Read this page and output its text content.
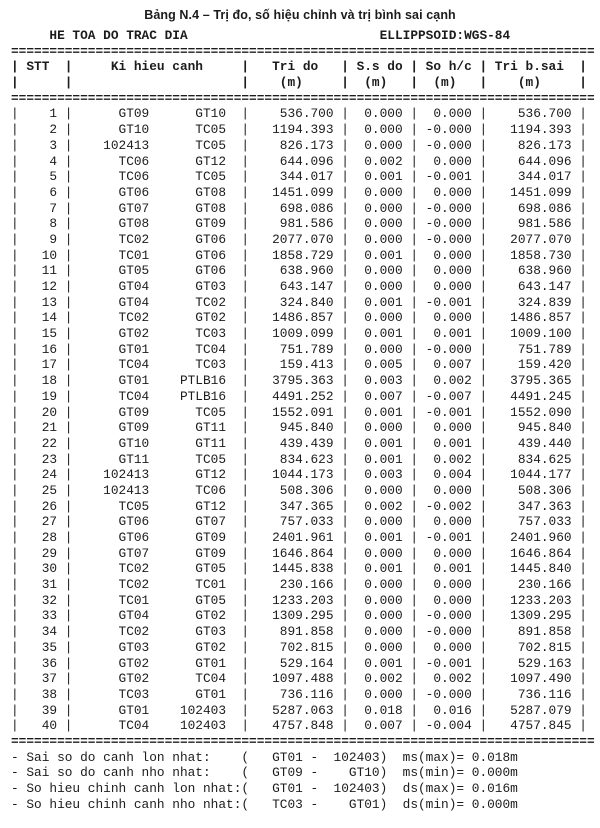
Bảng N.4 – Trị đo, số hiệu chỉnh và trị bình sai cạnh
HE TOA DO TRAC DIA                         ELLIPPSOID:WGS-84
============================================================================
| STT  |     Ki hieu canh     |   Tri do   | S.s do | So h/c | Tri b.sai  |
|      |                      |    (m)     |  (m)   |  (m)   |    (m)     |
============================================================================
|    1 |      GT09      GT10  |    536.700 |  0.000 |  0.000 |    536.700 |
|    2 |      GT10      TC05  |   1194.393 |  0.000 | -0.000 |   1194.393 |
|    3 |    102413      TC05  |    826.173 |  0.000 | -0.000 |    826.173 |
|    4 |      TC06      GT12  |    644.096 |  0.002 |  0.000 |    644.096 |
|    5 |      TC06      TC05  |    344.017 |  0.001 | -0.001 |    344.017 |
|    6 |      GT06      GT08  |   1451.099 |  0.000 |  0.000 |   1451.099 |
|    7 |      GT07      GT08  |    698.086 |  0.000 | -0.000 |    698.086 |
|    8 |      GT08      GT09  |    981.586 |  0.000 | -0.000 |    981.586 |
|    9 |      TC02      GT06  |   2077.070 |  0.000 | -0.000 |   2077.070 |
|   10 |      TC01      GT06  |   1858.729 |  0.001 |  0.000 |   1858.730 |
|   11 |      GT05      GT06  |    638.960 |  0.000 |  0.000 |    638.960 |
|   12 |      GT04      GT03  |    643.147 |  0.000 |  0.000 |    643.147 |
|   13 |      GT04      TC02  |    324.840 |  0.001 | -0.001 |    324.839 |
|   14 |      TC02      GT02  |   1486.857 |  0.000 |  0.000 |   1486.857 |
|   15 |      GT02      TC03  |   1009.099 |  0.001 |  0.001 |   1009.100 |
|   16 |      GT01      TC04  |    751.789 |  0.000 | -0.000 |    751.789 |
|   17 |      TC04      TC03  |    159.413 |  0.005 |  0.007 |    159.420 |
|   18 |      GT01    PTLB16  |   3795.363 |  0.003 |  0.002 |   3795.365 |
|   19 |      TC04    PTLB16  |   4491.252 |  0.007 | -0.007 |   4491.245 |
|   20 |      GT09      TC05  |   1552.091 |  0.001 | -0.001 |   1552.090 |
|   21 |      GT09      GT11  |    945.840 |  0.000 |  0.000 |    945.840 |
|   22 |      GT10      GT11  |    439.439 |  0.001 |  0.001 |    439.440 |
|   23 |      GT11      TC05  |    834.623 |  0.001 |  0.002 |    834.625 |
|   24 |    102413      GT12  |   1044.173 |  0.003 |  0.004 |   1044.177 |
|   25 |    102413      TC06  |    508.306 |  0.000 |  0.000 |    508.306 |
|   26 |      TC05      GT12  |    347.365 |  0.002 | -0.002 |    347.363 |
|   27 |      GT06      GT07  |    757.033 |  0.000 |  0.000 |    757.033 |
|   28 |      GT06      GT09  |   2401.961 |  0.001 | -0.001 |   2401.960 |
|   29 |      GT07      GT09  |   1646.864 |  0.000 |  0.000 |   1646.864 |
|   30 |      TC02      GT05  |   1445.838 |  0.001 |  0.001 |   1445.840 |
|   31 |      TC02      TC01  |    230.166 |  0.000 |  0.000 |    230.166 |
|   32 |      TC01      GT05  |   1233.203 |  0.000 |  0.000 |   1233.203 |
|   33 |      GT04      GT02  |   1309.295 |  0.000 | -0.000 |   1309.295 |
|   34 |      TC02      GT03  |    891.858 |  0.000 | -0.000 |    891.858 |
|   35 |      GT03      GT02  |    702.815 |  0.000 |  0.000 |    702.815 |
|   36 |      GT02      GT01  |    529.164 |  0.001 | -0.001 |    529.163 |
|   37 |      GT02      TC04  |   1097.488 |  0.002 |  0.002 |   1097.490 |
|   38 |      TC03      GT01  |    736.116 |  0.000 | -0.000 |    736.116 |
|   39 |      GT01    102403  |   5287.063 |  0.018 |  0.016 |   5287.079 |
|   40 |      TC04    102403  |   4757.848 |  0.007 | -0.004 |   4757.845 |
============================================================================
- Sai so do canh lon nhat:    (   GT01 -  102403)  ms(max)= 0.018m
- Sai so do canh nho nhat:    (   GT09 -    GT10)  ms(min)= 0.000m
- So hieu chinh canh lon nhat:(   GT01 -  102403)  ds(max)= 0.016m
- So hieu chinh canh nho nhat:(   TC03 -    GT01)  ds(min)= 0.000m
